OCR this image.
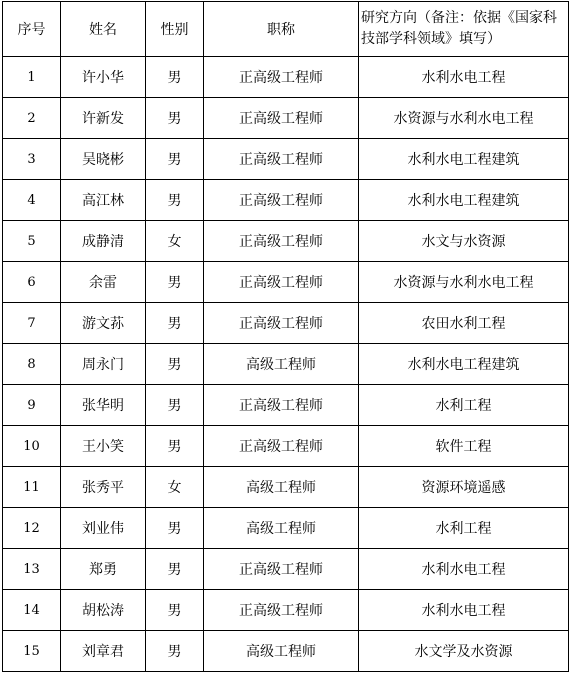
序号	姓名	性别	职称	研究方向（备注：依据《国家科技部学科领域》填写）
1	许小华	男	正高级工程师	水利水电工程
2	许新发	男	正高级工程师	水资源与水利水电工程
3	吴晓彬	男	正高级工程师	水利水电工程建筑
4	高江林	男	正高级工程师	水利水电工程建筑
5	成静清	女	正高级工程师	水文与水资源
6	余雷	男	正高级工程师	水资源与水利水电工程
7	游文荪	男	正高级工程师	农田水利工程
8	周永门	男	高级工程师	水利水电工程建筑
9	张华明	男	正高级工程师	水利工程
10	王小笑	男	正高级工程师	软件工程
11	张秀平	女	高级工程师	资源环境遥感
12	刘业伟	男	高级工程师	水利工程
13	郑勇	男	正高级工程师	水利水电工程
14	胡松涛	男	正高级工程师	水利水电工程
15	刘章君	男	高级工程师	水文学及水资源
